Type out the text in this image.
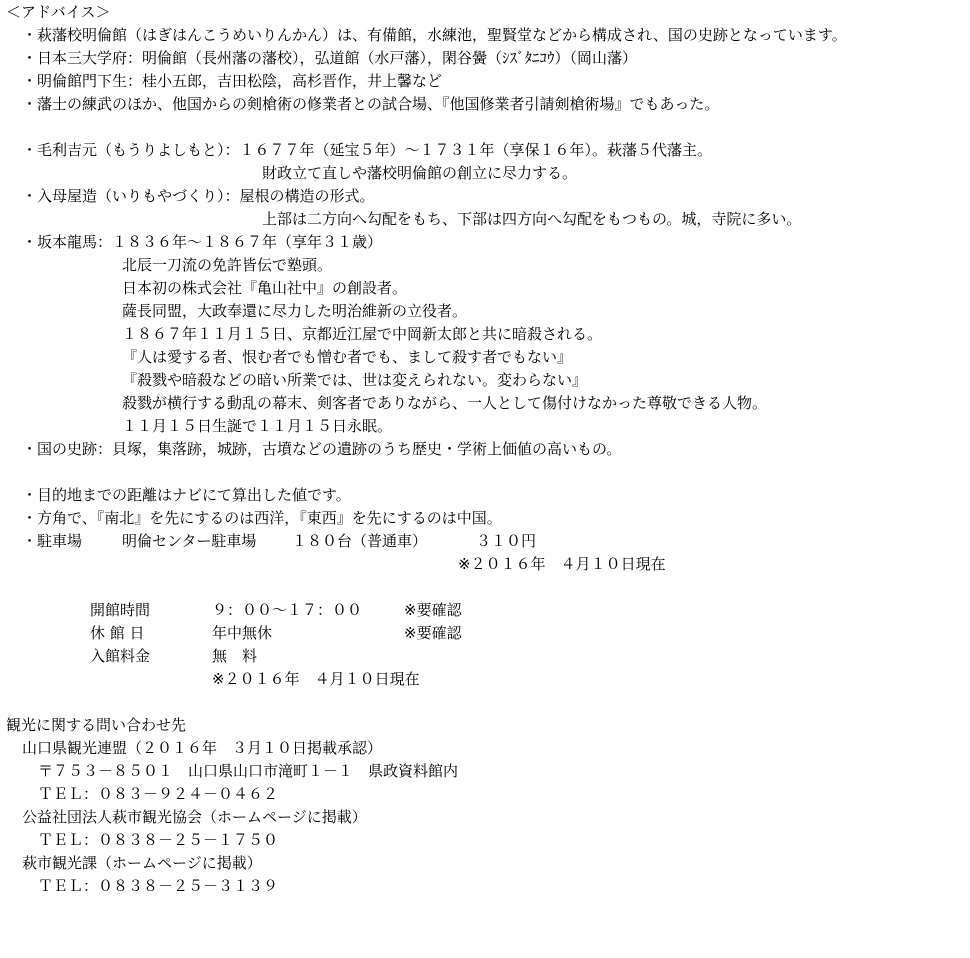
＜アドバイス＞
・萩藩校明倫館（はぎはんこうめいりんかん）は、有備館，水練池，聖賢堂などから構成され、国の史跡となっています。
・日本三大学府：明倫館（長州藩の藩校），弘道館（水戸藩），閑谷黌（ｼｽﾞﾀﾆｺｳ）（岡山藩）
・明倫館門下生：桂小五郎，吉田松陰，高杉晋作，井上馨など
・藩士の練武のほか、他国からの剣槍術の修業者との試合場、『他国修業者引請剣槍術場』でもあった。
・毛利吉元（もうりよしもと）：１６７７年（延宝５年）～１７３１年（享保１６年）。萩藩５代藩主。
財政立て直しや藩校明倫館の創立に尽力する。
・入母屋造（いりもやづくり）：屋根の構造の形式。
上部は二方向へ勾配をもち、下部は四方向へ勾配をもつもの。城，寺院に多い。
・坂本龍馬：１８３６年～１８６７年（享年３１歳）
北辰一刀流の免許皆伝で塾頭。
日本初の株式会社『亀山社中』の創設者。
薩長同盟，大政奉還に尽力した明治維新の立役者。
１８６７年１１月１５日、京都近江屋で中岡新太郎と共に暗殺される。
『人は愛する者、恨む者でも憎む者でも、まして殺す者でもない』
『殺戮や暗殺などの暗い所業では、世は変えられない。変わらない』
殺戮が横行する動乱の幕末、剣客者でありながら、一人として傷付けなかった尊敬できる人物。
１１月１５日生誕で１１月１５日永眠。
・国の史跡：貝塚，集落跡，城跡，古墳などの遺跡のうち歴史・学術上価値の高いもの。
・目的地までの距離はナビにて算出した値です。
・方角で、『南北』を先にするのは西洋，『東西』を先にするのは中国。
・駐車場	明倫センター駐車場 １８０台（普通車）	３１０円
※２０１６年　４月１０日現在
開館時間	９：００～１７：００	※要確認
休 館 日	年中無休	※要確認
入館料金	無　料
※２０１６年　４月１０日現在
観光に関する問い合わせ先
山口県観光連盟（２０１６年　３月１０日掲載承認）
〒７５３－８５０１　山口県山口市滝町１－１　県政資料館内
ＴＥＬ：０８３－９２４－０４６２
公益社団法人萩市観光協会（ホームページに掲載）
ＴＥＬ：０８３８－２５－１７５０
萩市観光課（ホームページに掲載）
ＴＥＬ：０８３８－２５－３１３９
